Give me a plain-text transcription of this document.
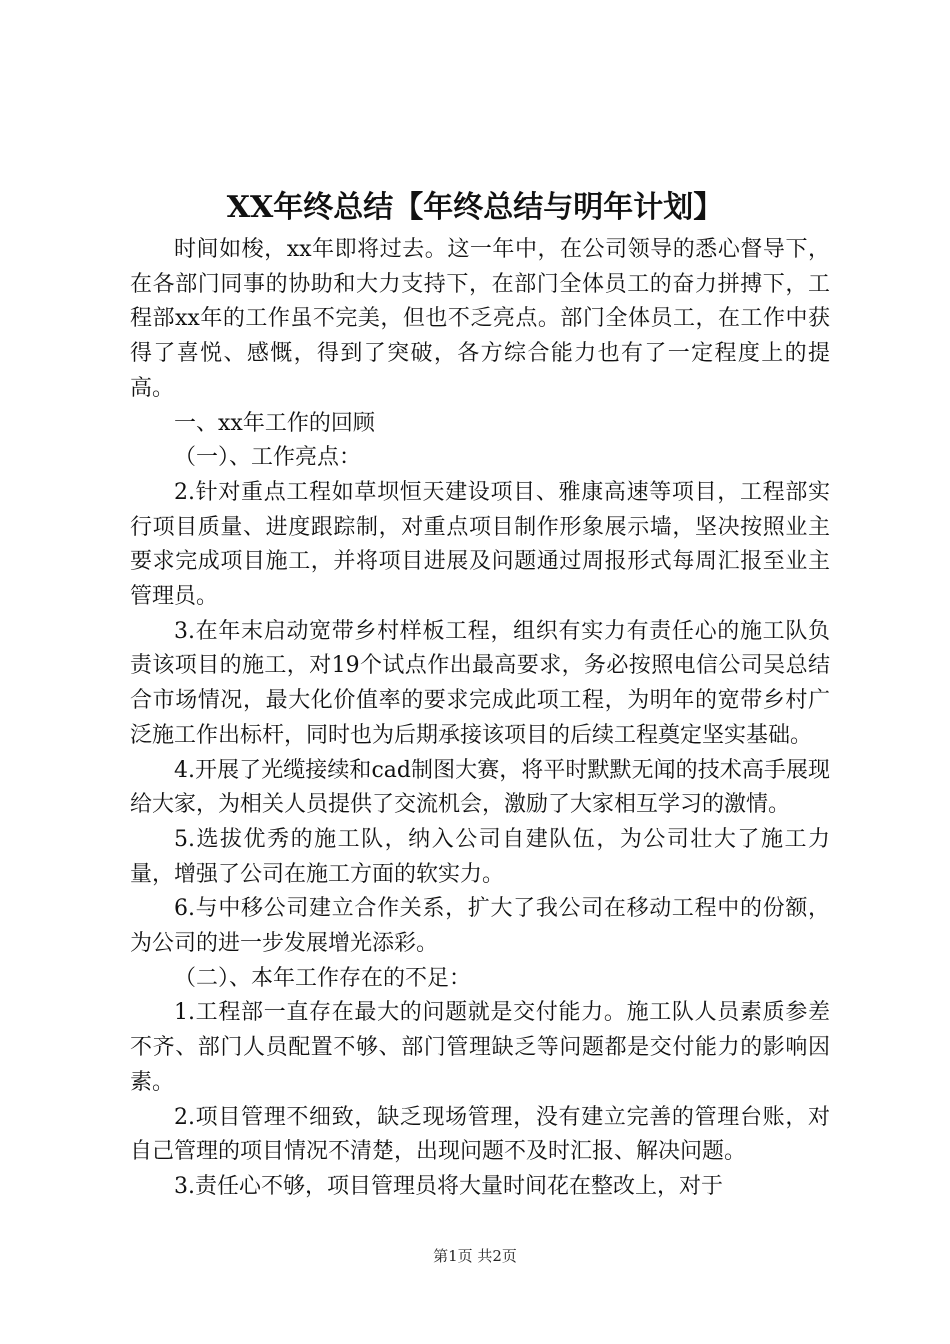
XX年终总结【年终总结与明年计划】

时间如梭，xx年即将过去。这一年中，在公司领导的悉心督导下，在各部门同事的协助和大力支持下，在部门全体员工的奋力拼搏下，工程部xx年的工作虽不完美，但也不乏亮点。部门全体员工，在工作中获得了喜悦、感慨，得到了突破，各方综合能力也有了一定程度上的提高。

一、xx年工作的回顾

（一）、工作亮点：

2.针对重点工程如草坝恒天建设项目、雅康高速等项目，工程部实行项目质量、进度跟踪制，对重点项目制作形象展示墙，坚决按照业主要求完成项目施工，并将项目进展及问题通过周报形式每周汇报至业主管理员。

3.在年末启动宽带乡村样板工程，组织有实力有责任心的施工队负责该项目的施工，对19个试点作出最高要求，务必按照电信公司吴总结合市场情况，最大化价值率的要求完成此项工程，为明年的宽带乡村广泛施工作出标杆，同时也为后期承接该项目的后续工程奠定坚实基础。

4.开展了光缆接续和cad制图大赛，将平时默默无闻的技术高手展现给大家，为相关人员提供了交流机会，激励了大家相互学习的激情。

5.选拔优秀的施工队，纳入公司自建队伍，为公司壮大了施工力量，增强了公司在施工方面的软实力。

6.与中移公司建立合作关系，扩大了我公司在移动工程中的份额，为公司的进一步发展增光添彩。

（二）、本年工作存在的不足：

1.工程部一直存在最大的问题就是交付能力。施工队人员素质参差不齐、部门人员配置不够、部门管理缺乏等问题都是交付能力的影响因素。

2.项目管理不细致，缺乏现场管理，没有建立完善的管理台账，对自己管理的项目情况不清楚，出现问题不及时汇报、解决问题。

3.责任心不够，项目管理员将大量时间花在整改上，对于

第1页 共2页
